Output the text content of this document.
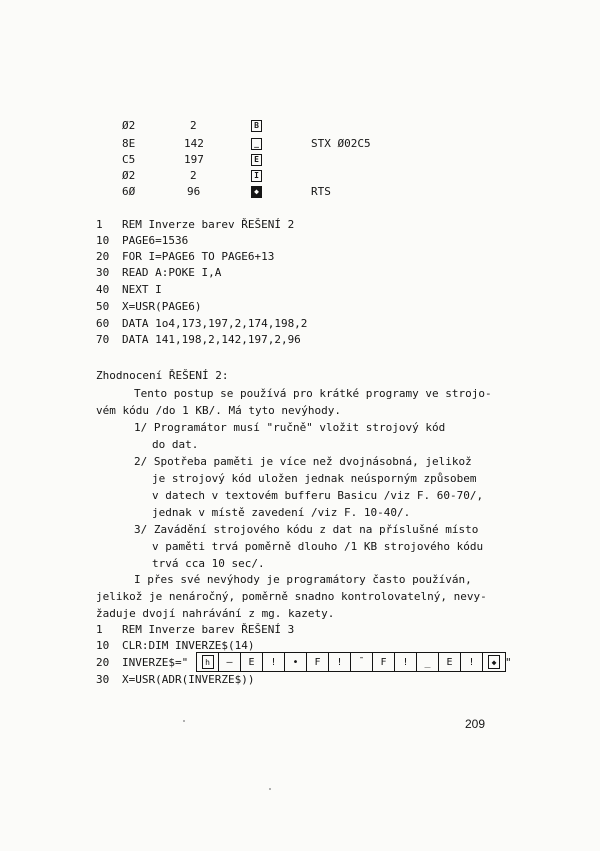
Ø2	2	B
8E	142	_	STX Ø02C5
C5	197	E
Ø2	2	I
6Ø	96	◆	RTS
1 REM Inverze barev ŘEŠENÍ 2
10 PAGE6=1536
20 FOR I=PAGE6 TO PAGE6+13
30 READ A:POKE I,A
40 NEXT I
50 X=USR(PAGE6)
60 DATA 1o4,173,197,2,174,198,2
70 DATA 141,198,2,142,197,2,96
Zhodnocení ŘEŠENÍ 2:
Tento postup se používá pro krátké programy ve strojo-
vém kódu /do 1 KB/. Má tyto nevýhody.
1/ Programátor musí "ručně" vložit strojový kód
do dat.
2/ Spotřeba paměti je více než dvojnásobná, jelikož
je strojový kód uložen jednak neúsporným způsobem
v datech v textovém bufferu Basicu /viz F. 60-70/,
jednak v místě zavedení /viz F. 10-40/.
3/ Zavádění strojového kódu z dat na příslušné místo
v paměti trvá poměrně dlouho /1 KB strojového kódu
trvá cca 10 sec/.
I přes své nevýhody je programátory často používán,
jelikož je nenáročný, poměrně snadno kontrolovatelný, nevy-
žaduje dvojí nahrávání z mg. kazety.
1 REM Inverze barev ŘEŠENÍ 3
10 CLR:DIM INVERZE$(14)
20 INVERZE$="
30 X=USR(ADR(INVERZE$))
h	– E ! • F ! ¯ F ! _ E !	◆ "
209
